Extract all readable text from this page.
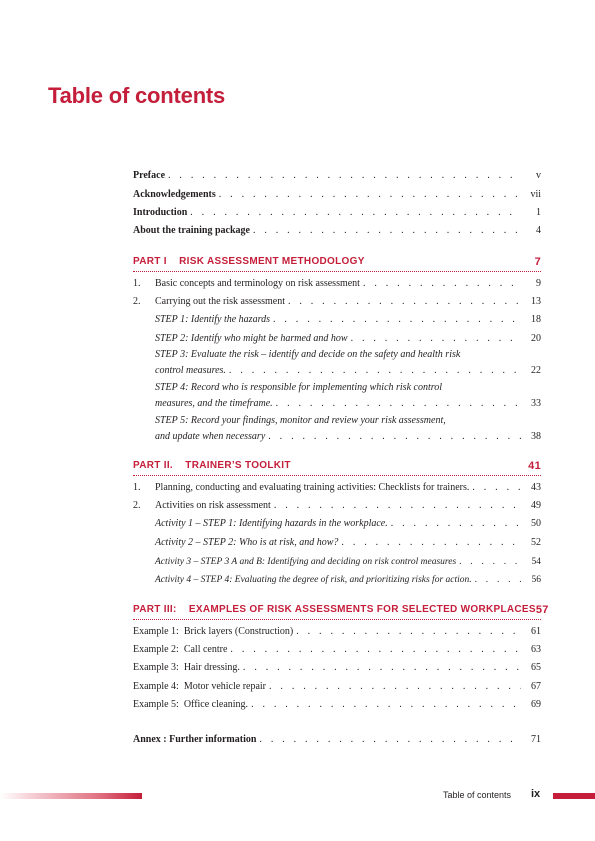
Table of contents
Preface . . .	v
Acknowledgements . . .	vii
Introduction . . .	1
About the training package . . .	4
PART I    RISK ASSESSMENT METHODOLOGY	7
1. Basic concepts and terminology on risk assessment . . .	9
2. Carrying out the risk assessment . . .	13
STEP 1: Identify the hazards . . .	18
STEP 2: Identify who might be harmed and how . . .	20
STEP 3: Evaluate the risk – identify and decide on the safety and health risk
control measures. . . .	22
STEP 4: Record who is responsible for implementing which risk control
measures, and the timeframe. . . .	33
STEP 5: Record your findings, monitor and review your risk assessment,
and update when necessary . . .	38
PART II.    TRAINER’S TOOLKIT	41
1. Planning, conducting and evaluating training activities: Checklists for trainers. . . .	43
2. Activities on risk assessment . . .	49
Activity 1 – STEP 1: Identifying hazards in the workplace. . . .	50
Activity 2 – STEP 2: Who is at risk, and how? . . .	52
Activity 3 – STEP 3 A and B: Identifying and deciding on risk control measures . . .	54
Activity 4 – STEP 4: Evaluating the degree of risk, and prioritizing risks for action. . . .	56
PART III:    EXAMPLES OF RISK ASSESSMENTS FOR SELECTED WORKPLACES 57
Example 1:  Brick layers (Construction) . . .	61
Example 2:  Call centre . . .	63
Example 3:  Hair dressing. . . .	65
Example 4:  Motor vehicle repair . . .	67
Example 5:  Office cleaning. . . .	69
Annex : Further information . . .	71
Table of contents ix
